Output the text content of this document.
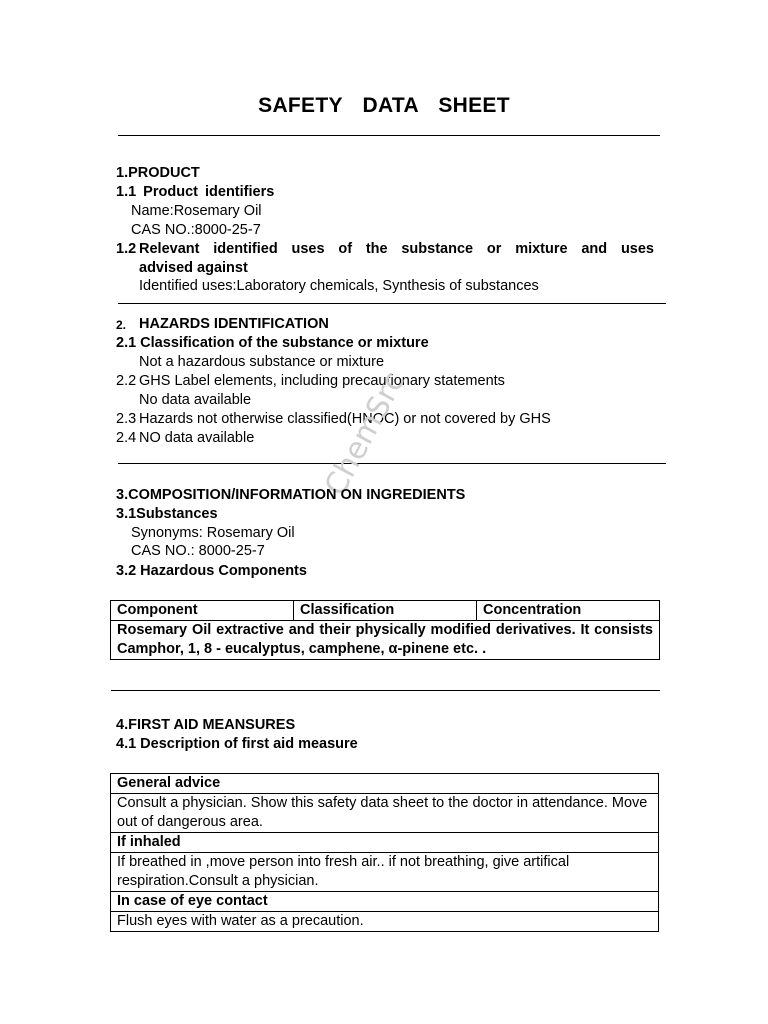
SAFETY DATA SHEET
1.PRODUCT
1.1 Product identifiers
Name:Rosemary Oil
CAS NO.:8000-25-7
1.2 Relevant identified uses of the substance or mixture and uses
advised against
Identified uses:Laboratory chemicals, Synthesis of substances
2. HAZARDS IDENTIFICATION
2.1 Classification of the substance or mixture
Not a hazardous substance or mixture
2.2 GHS Label elements, including precautionary statements
No data available
2.3 Hazards not otherwise classified(HNOC) or not covered by GHS
2.4 NO data available ChemSrc
3.COMPOSITION/INFORMATION ON INGREDIENTS
3.1Substances
Synonyms: Rosemary Oil
CAS NO.: 8000-25-7
3.2 Hazardous Components
Component	Classification	Concentration
Rosemary Oil extractive and their physically modified derivatives. It consists Camphor, 1, 8 - eucalyptus, camphene, α-pinene etc. .
4.FIRST AID MEANSURES
4.1 Description of first aid measure
General advice
Consult a physician. Show this safety data sheet to the doctor in attendance. Move out of dangerous area.
If inhaled
If breathed in ,move person into fresh air.. if not breathing, give artifical respiration.Consult a physician.
In case of eye contact
Flush eyes with water as a precaution.
